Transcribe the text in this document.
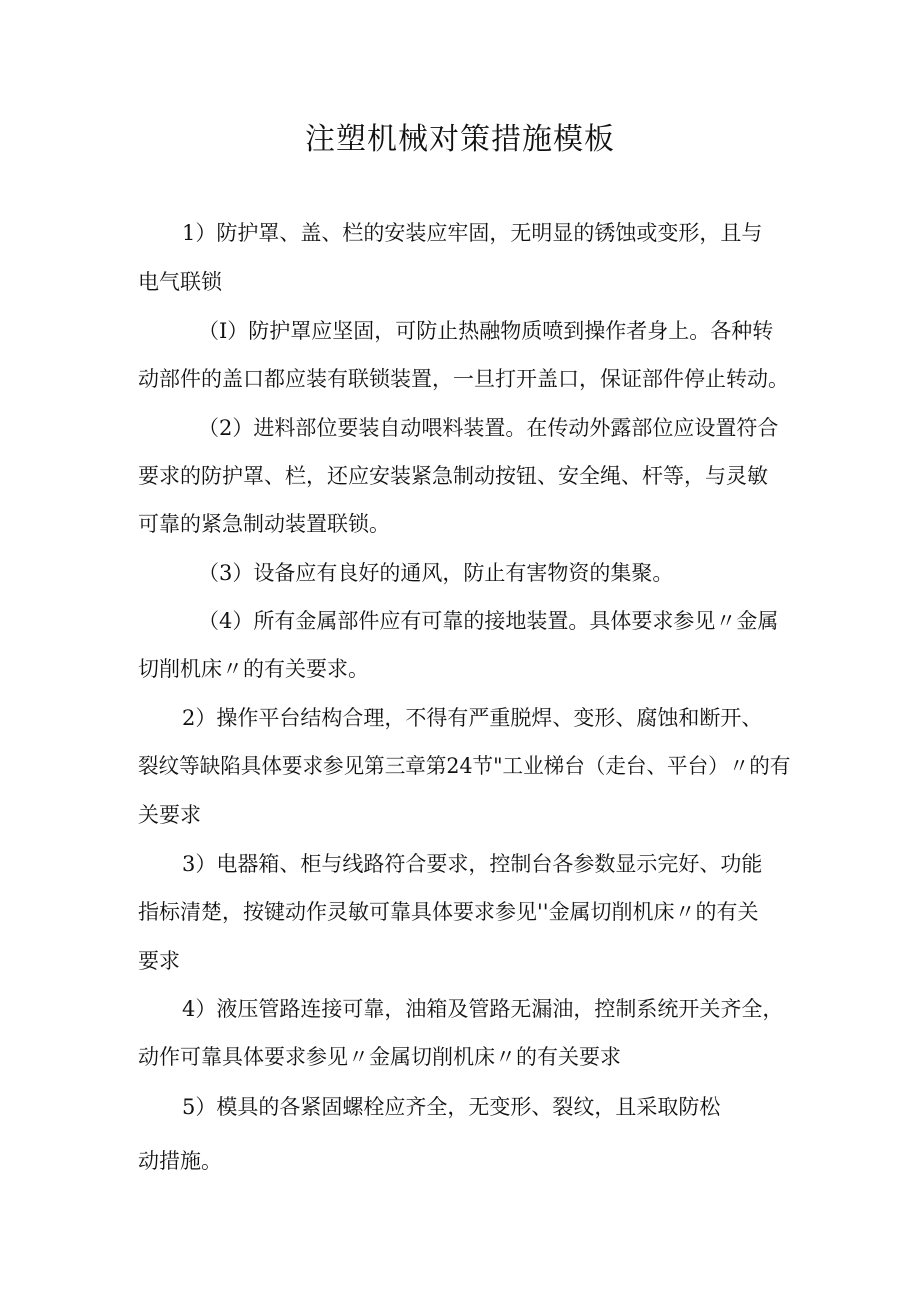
注塑机械对策措施模板

1）防护罩、盖、栏的安装应牢固，无明显的锈蚀或变形，且与

电气联锁

（I）防护罩应坚固，可防止热融物质喷到操作者身上。各种转

动部件的盖口都应装有联锁装置，一旦打开盖口，保证部件停止转动。

（2）进料部位要装自动喂料装置。在传动外露部位应设置符合

要求的防护罩、栏，还应安装紧急制动按钮、安全绳、杆等，与灵敏

可靠的紧急制动装置联锁。

（3）设备应有良好的通风，防止有害物资的集聚。

（4）所有金属部件应有可靠的接地装置。具体要求参见〃金属

切削机床〃的有关要求。

2）操作平台结构合理，不得有严重脱焊、变形、腐蚀和断开、

裂纹等缺陷具体要求参见第三章第24节"工业梯台（走台、平台）〃的有

关要求

3）电器箱、柜与线路符合要求，控制台各参数显示完好、功能

指标清楚，按键动作灵敏可靠具体要求参见''金属切削机床〃的有关

要求

4）液压管路连接可靠，油箱及管路无漏油，控制系统开关齐全，

动作可靠具体要求参见〃金属切削机床〃的有关要求

5）模具的各紧固螺栓应齐全，无变形、裂纹，且采取防松

动措施。
